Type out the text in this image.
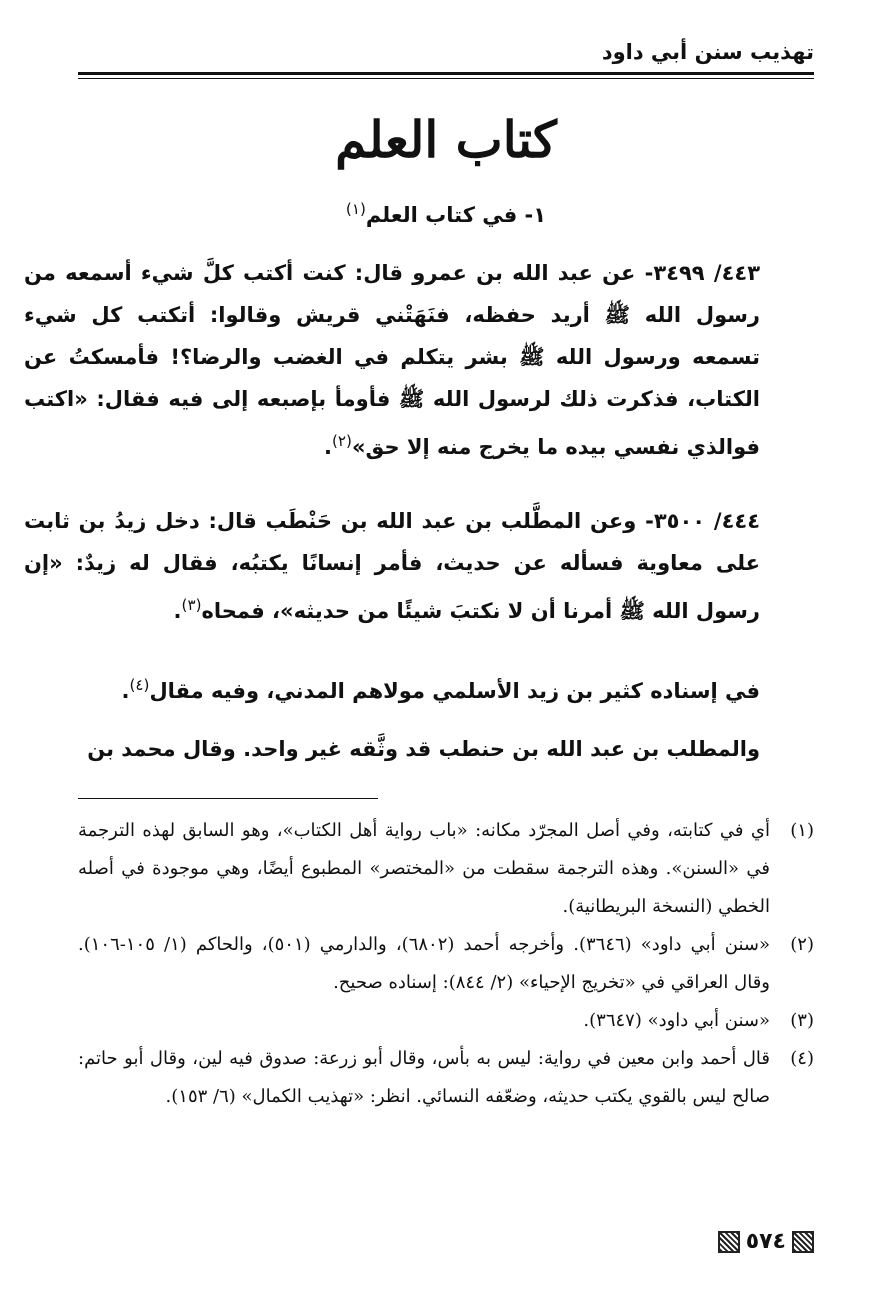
تهذيب سنن أبي داود
كتاب العلم
١- في كتاب العلم$^{(١)}$

٤٤٣/ ٣٤٩٩- عن عبد الله بن عمرو قال: كنت أكتب كلَّ شيء أسمعه من رسول الله ﷺ أريد حفظه، فنَهَتْني قريش وقالوا: أتكتب كل شيء تسمعه ورسول الله ﷺ بشر يتكلم في الغضب والرضا؟! فأمسكتُ عن الكتاب، فذكرت ذلك لرسول الله ﷺ فأومأ بإصبعه إلى فيه فقال: «اكتب فوالذي نفسي بيده ما يخرج منه إلا حق»$^{(٢)}$.

٤٤٤/ ٣٥٠٠- وعن المطَّلب بن عبد الله بن حَنْطَب قال: دخل زيدُ بن ثابت على معاوية فسأله عن حديث، فأمر إنسانًا يكتبُه، فقال له زيدٌ: «إن رسول الله ﷺ أمرنا أن لا نكتبَ شيئًا من حديثه»، فمحاه$^{(٣)}$.

في إسناده كثير بن زيد الأسلمي مولاهم المدني، وفيه مقال$^{(٤)}$.

والمطلب بن عبد الله بن حنطب قد وثَّقه غير واحد. وقال محمد بن

(١)
أي في كتابته، وفي أصل المجرّد مكانه: «باب رواية أهل الكتاب»، وهو السابق لهذه الترجمة في «السنن». وهذه الترجمة سقطت من «المختصر» المطبوع أيضًا، وهي موجودة في أصله الخطي (النسخة البريطانية).
(٢)
«سنن أبي داود» (٣٦٤٦). وأخرجه أحمد (٦٨٠٢)، والدارمي (٥٠١)، والحاكم (١/ ١٠٥-١٠٦). وقال العراقي في «تخريج الإحياء» (٢/ ٨٤٤): إسناده صحيح.
(٣)
«سنن أبي داود» (٣٦٤٧).
(٤)
قال أحمد وابن معين في رواية: ليس به بأس، وقال أبو زرعة: صدوق فيه لين، وقال أبو حاتم: صالح ليس بالقوي يكتب حديثه، وضعّفه النسائي. انظر: «تهذيب الكمال» (٦/ ١٥٣).
٥٧٤
